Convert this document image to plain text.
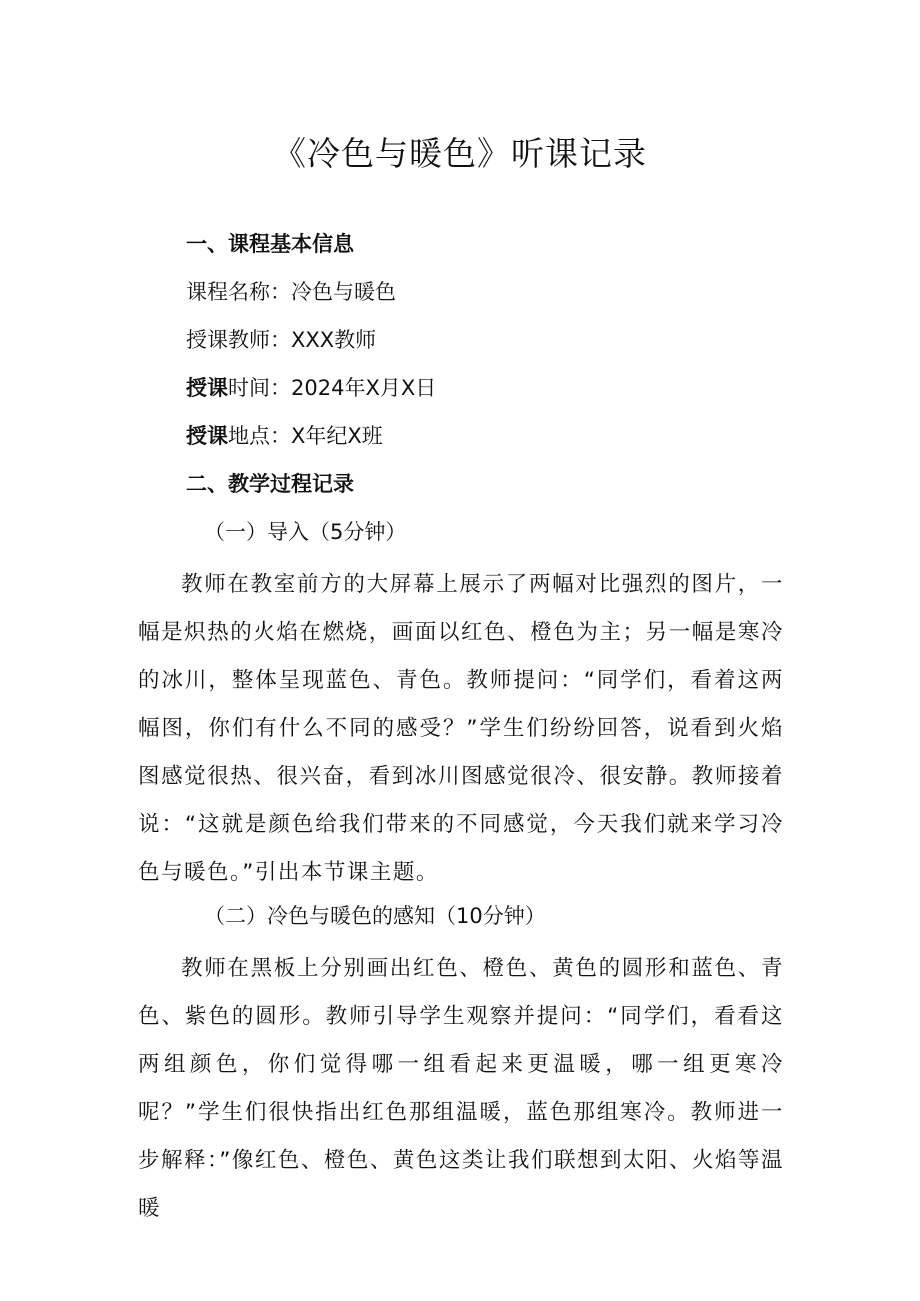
《冷色与暖色》听课记录

一、课程基本信息

课程名称：冷色与暖色

授课教师：XXX教师

授课时间：2024年X月X日

授课地点：X年纪X班

二、教学过程记录

（一）导入（5分钟）

教师在教室前方的大屏幕上展示了两幅对比强烈的图片，一幅是炽热的火焰在燃烧，画面以红色、橙色为主；另一幅是寒冷的冰川，整体呈现蓝色、青色。教师提问：“同学们，看着这两幅图，你们有什么不同的感受？”学生们纷纷回答，说看到火焰图感觉很热、很兴奋，看到冰川图感觉很冷、很安静。教师接着说：“这就是颜色给我们带来的不同感觉，今天我们就来学习冷色与暖色。”引出本节课主题。

（二）冷色与暖色的感知（10分钟）

教师在黑板上分别画出红色、橙色、黄色的圆形和蓝色、青色、紫色的圆形。教师引导学生观察并提问：“同学们，看看这两组颜色，你们觉得哪一组看起来更温暖，哪一组更寒冷呢？”学生们很快指出红色那组温暖，蓝色那组寒冷。教师进一步解释：”像红色、橙色、黄色这类让我们联想到太阳、火焰等温暖
